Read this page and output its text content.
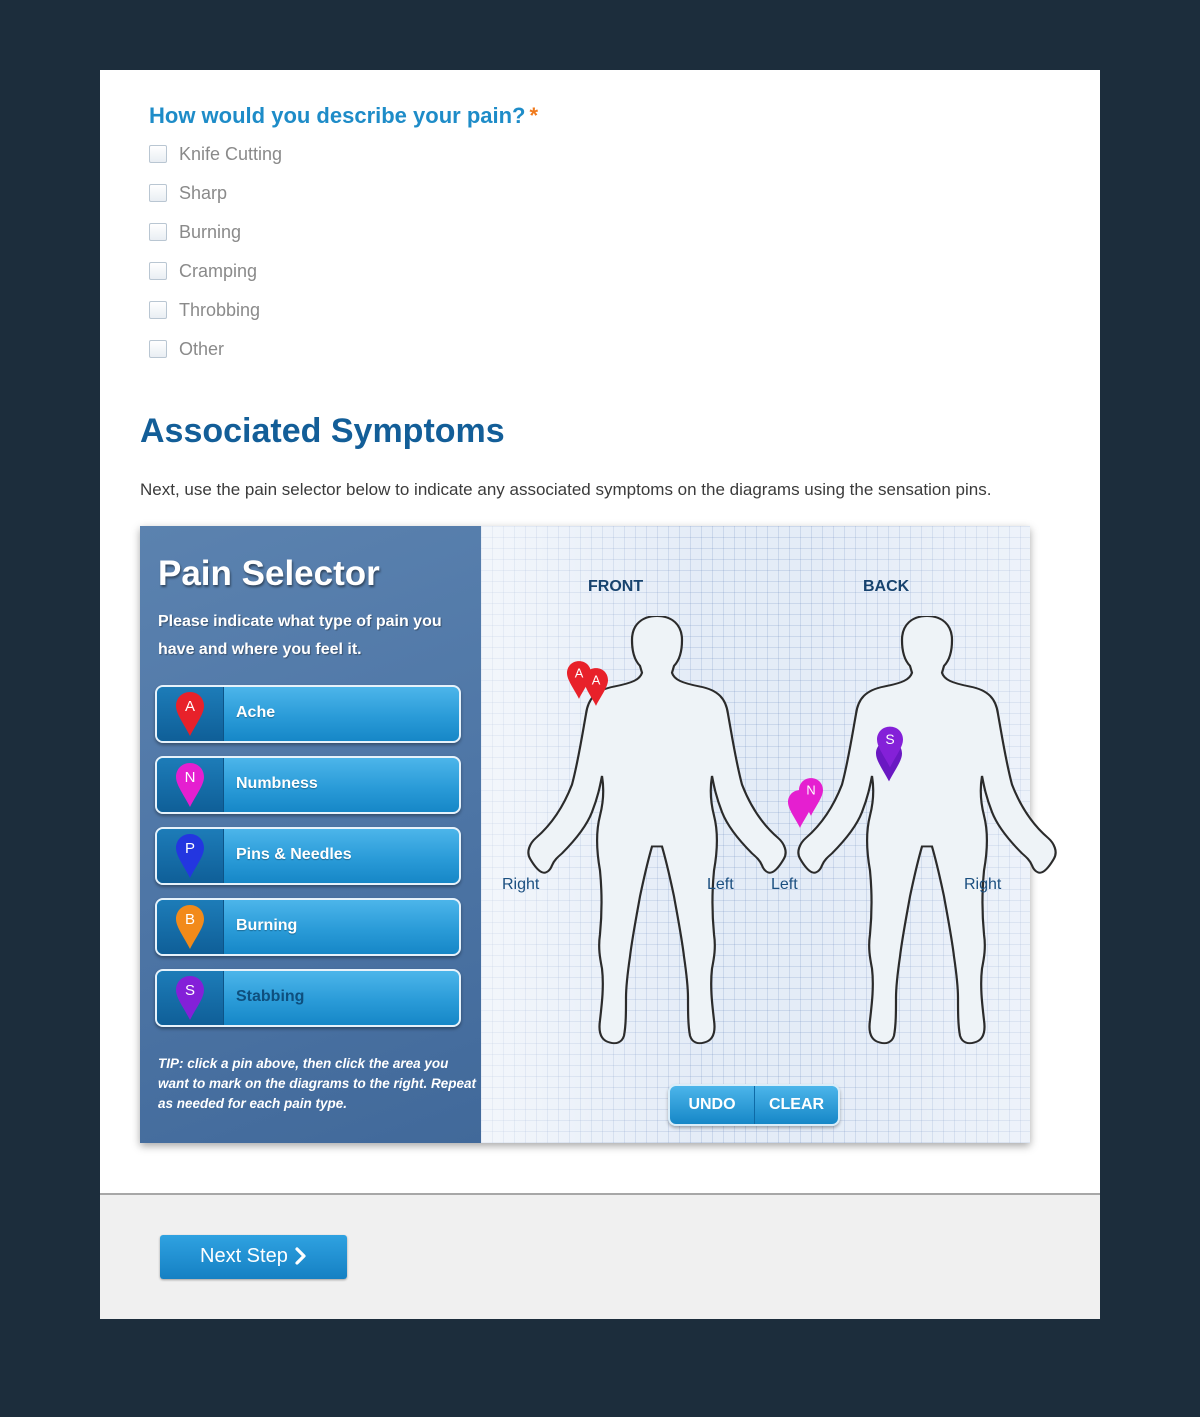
How would you describe your pain? *
Knife Cutting
Sharp
Burning
Cramping
Throbbing
Other
Associated Symptoms
Next, use the pain selector below to indicate any associated symptoms on the diagrams using the sensation pins.
Pain Selector
Please indicate what type of pain you have and where you feel it.
A	Ache
N	Numbness
P	Pins & Needles
B	Burning
S	Stabbing
TIP: click a pin above, then click the area you want to mark on the diagrams to the right. Repeat as needed for each pain type.
FRONT	BACK
Right	Left Left	Right
A A
S
N
UNDO	CLEAR
Next Step
